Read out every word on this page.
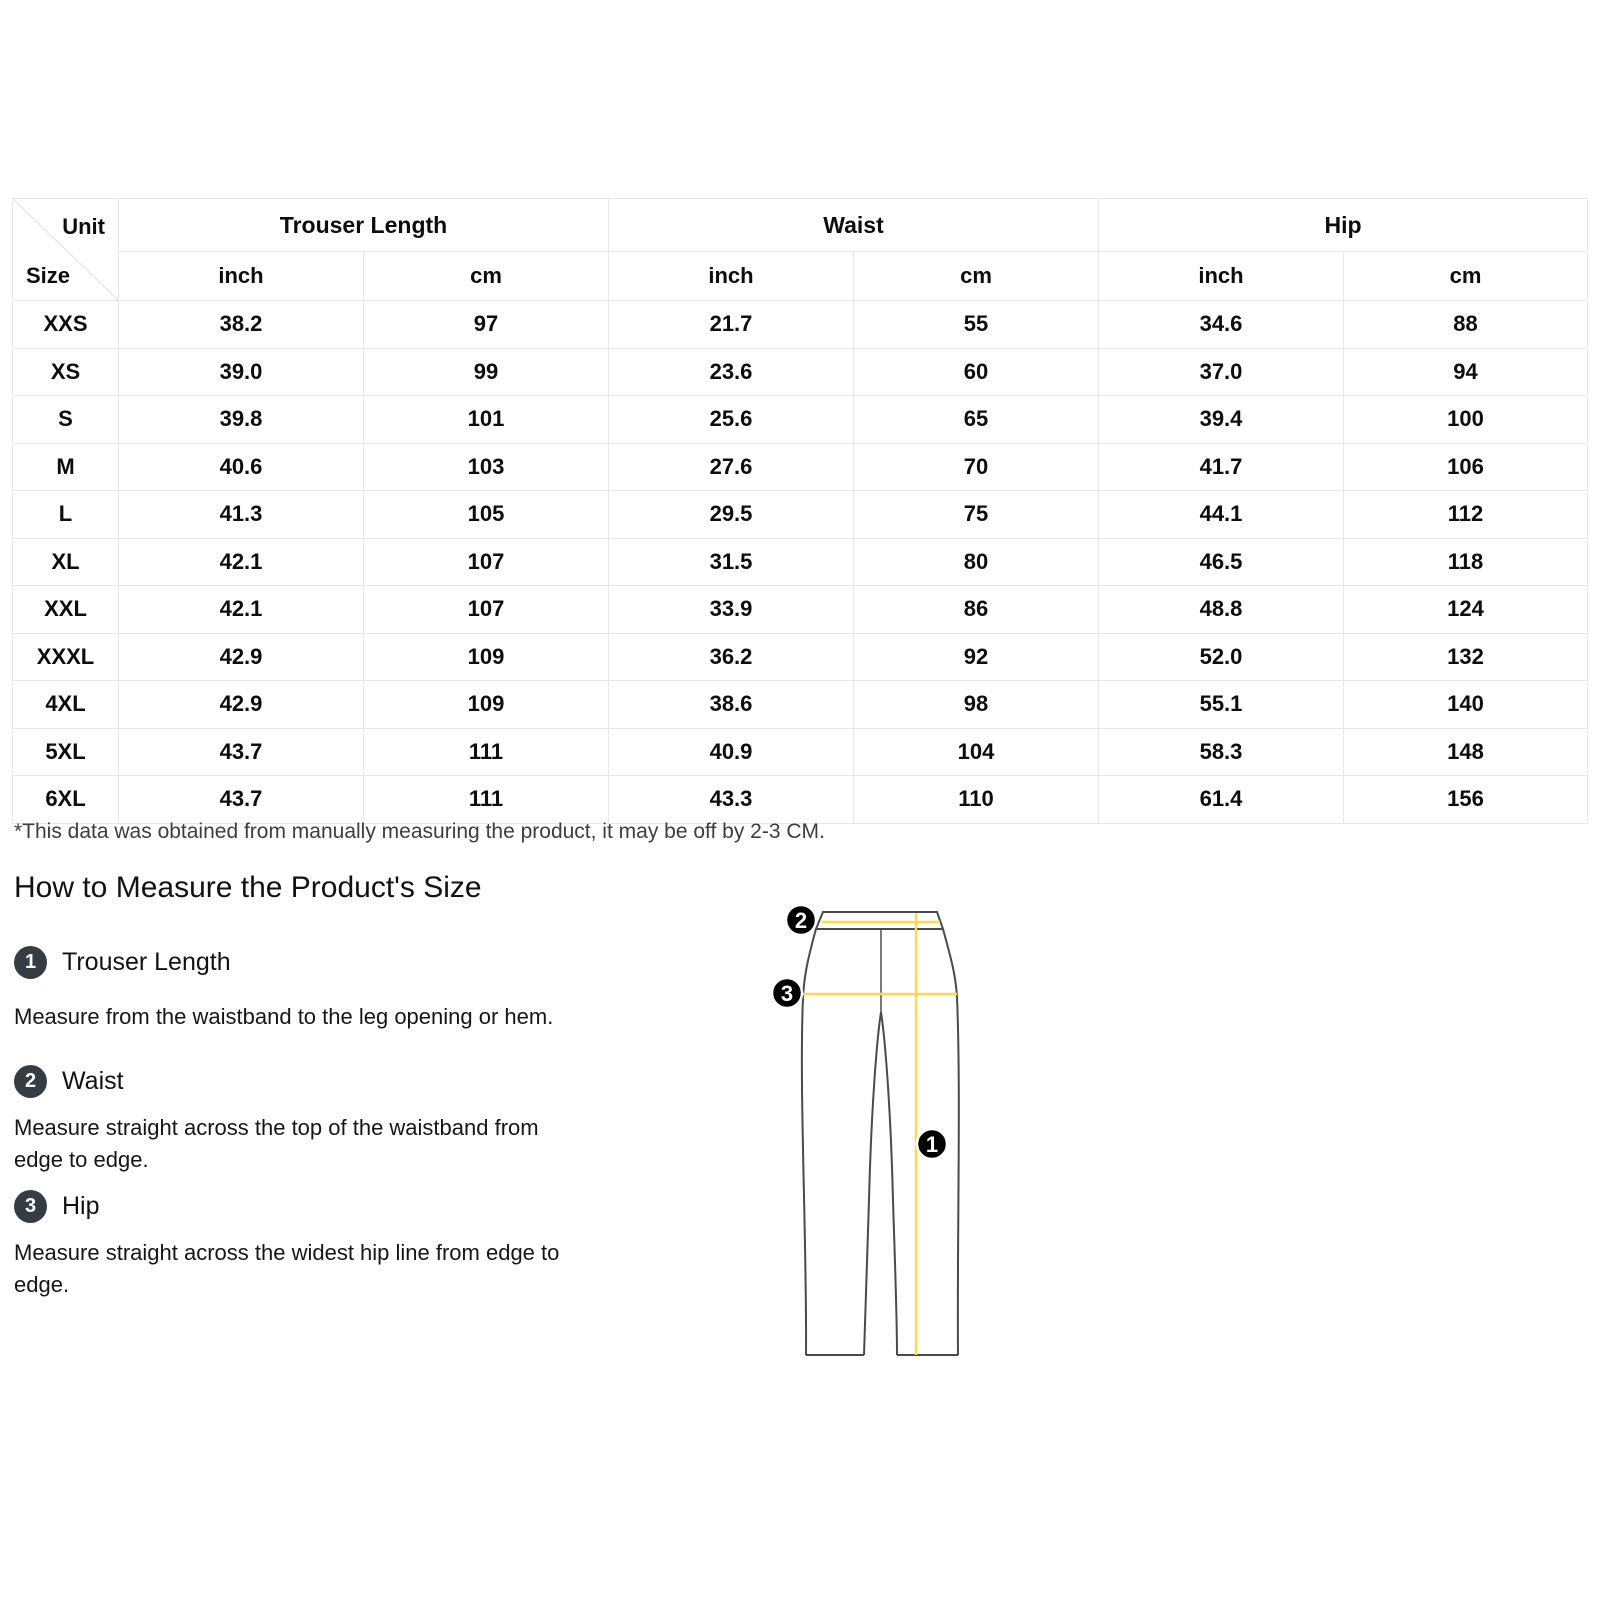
Unit
Size	Trouser Length		Waist		Hip	
	inch	cm	inch	cm	inch	cm
XXS	38.2	97	21.7	55	34.6	88
XS	39.0	99	23.6	60	37.0	94
S	39.8	101	25.6	65	39.4	100
M	40.6	103	27.6	70	41.7	106
L	41.3	105	29.5	75	44.1	112
XL	42.1	107	31.5	80	46.5	118
XXL	42.1	107	33.9	86	48.8	124
XXXL	42.9	109	36.2	92	52.0	132
4XL	42.9	109	38.6	98	55.1	140
5XL	43.7	111	40.9	104	58.3	148
6XL	43.7	111	43.3	110	61.4	156

*This data was obtained from manually measuring the product, it may be off by 2-3 CM.

How to Measure the Product's Size
1	Trouser Length

Measure from the waistband to the leg opening or hem.

2	Waist

Measure straight across the top of the waistband from edge to edge.

3	Hip

Measure straight across the widest hip line from edge to edge.

2
3
1
